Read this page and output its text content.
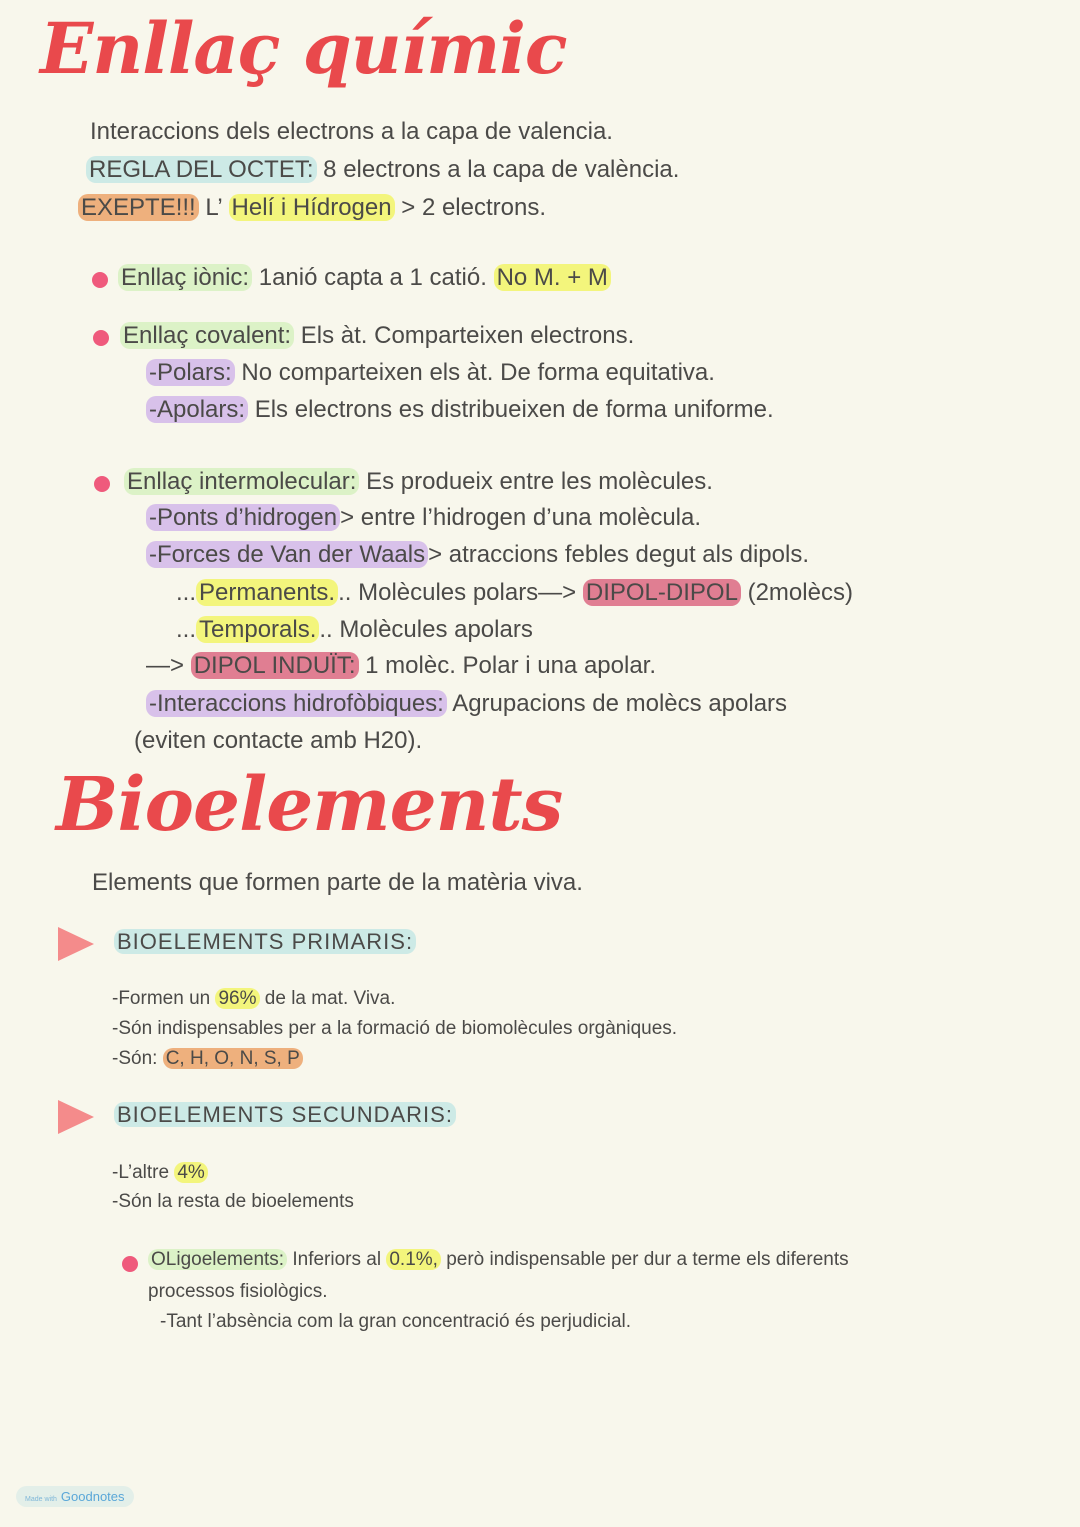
Enllaç químic
Bioelements
Interaccions dels electrons a la capa de valencia.
REGLA DEL OCTET: 8 electrons a la capa de valència.
EXEPTE!!! L’ Helí i Hídrogen > 2 electrons.
Enllaç iònic: 1anió capta a 1 catió. No M. + M
Enllaç covalent: Els àt. Comparteixen electrons.
-Polars: No comparteixen els àt. De forma equitativa.
-Apolars: Els electrons es distribueixen de forma uniforme.
Enllaç intermolecular: Es produeix entre les molècules.
-Ponts d’hidrogen > entre l’hidrogen d’una molècula.
-Forces de Van der Waals > atraccions febles degut als dipols.
... Permanents. .. Molècules polars—> DIPOL-DIPOL (2molècs)
... Temporals. .. Molècules apolars
—> DIPOL INDUÏT: 1 molèc. Polar i una apolar.
-Interaccions hidrofòbiques: Agrupacions de molècs apolars
(eviten contacte amb H20).
Elements que formen parte de la matèria viva.
BIOELEMENTS PRIMARIS:
-Formen un 96% de la mat. Viva.
-Són indispensables per a la formació de biomolècules orgàniques.
-Són: C, H, O, N, S, P
BIOELEMENTS SECUNDARIS:
-L’altre 4%
-Són la resta de bioelements
OLigoelements: Inferiors al 0.1%, però indispensable per dur a terme els diferents
processos fisiològics.
-Tant l’absència com la gran concentració és perjudicial.
Made with Goodnotes
